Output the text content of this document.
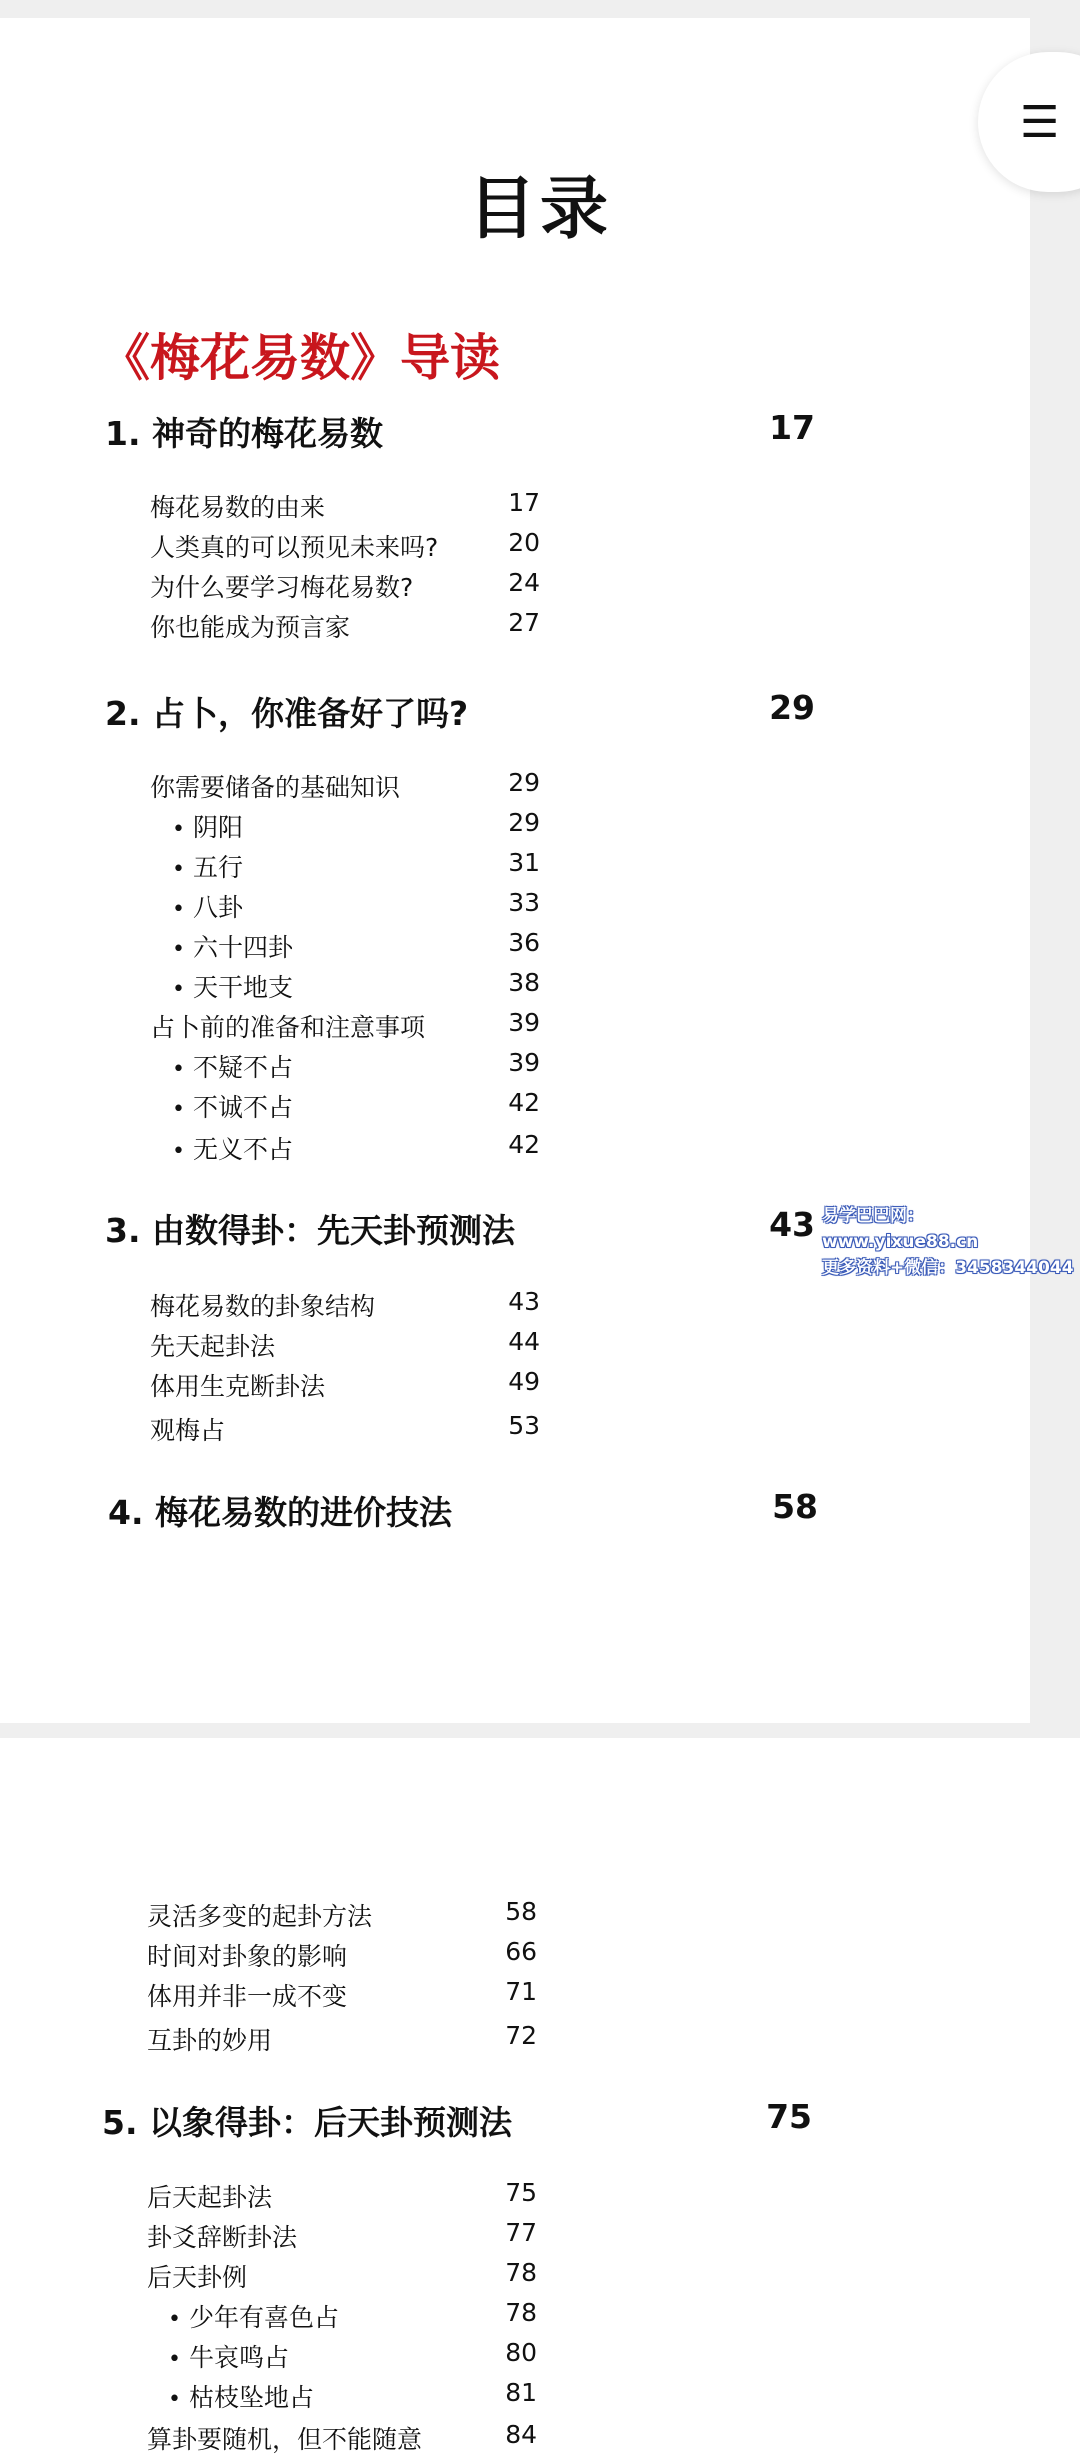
☰
目录
《梅花易数》导读
1. 神奇的梅花易数	17
梅花易数的由来	17
人类真的可以预见未来吗?	20
为什么要学习梅花易数?	24
你也能成为预言家	27
2. 占卜，你准备好了吗?	29
你需要储备的基础知识	29
• 阴阳	29
• 五行	31
• 八卦	33
• 六十四卦	36
• 天干地支	38
占卜前的准备和注意事项	39
• 不疑不占	39
• 不诚不占	42
• 无义不占	42
3. 由数得卦：先天卦预测法	43 易学巴巴网：www.yixue88.cn
更多资料+微信：3458344044
梅花易数的卦象结构	43
先天起卦法	44
体用生克断卦法	49
观梅占	53
4. 梅花易数的进价技法	58
灵活多变的起卦方法	58
时间对卦象的影响	66
体用并非一成不变	71
互卦的妙用	72
5. 以象得卦：后天卦预测法	75
后天起卦法	75
卦爻辞断卦法	77
后天卦例	78
• 少年有喜色占	78
• 牛哀鸣占	80
• 枯枝坠地占	81
算卦要随机，但不能随意	84
